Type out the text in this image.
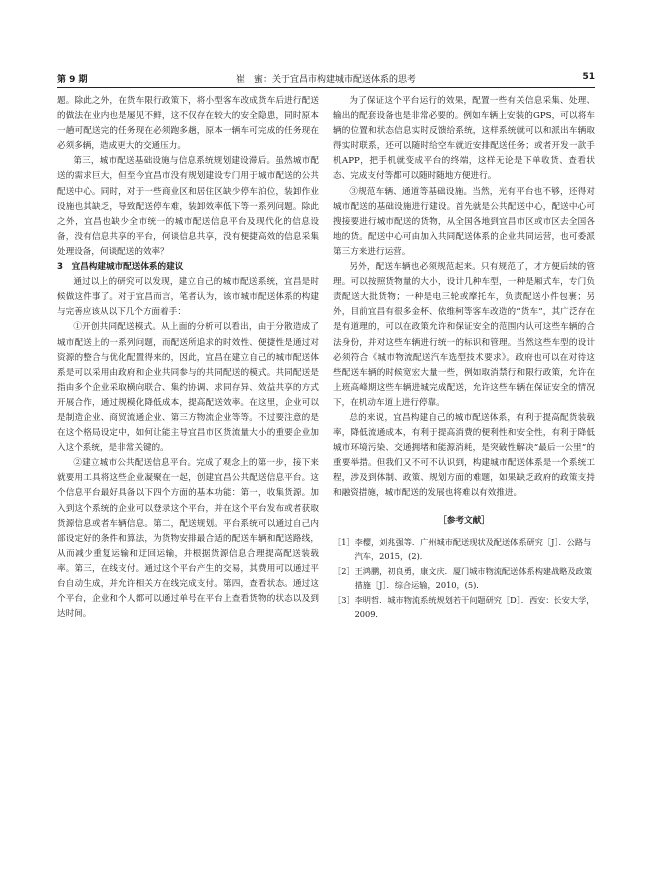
第 9 期	崔　蜜：关于宜昌市构建城市配送体系的思考	51

题。除此之外，在货车限行政策下，将小型客车改成货车后进行配送的做法在业内也是屡见不鲜，这不仅存在较大的安全隐患，同时原本一趟可配送完的任务现在必须跑多趟，原本一辆车可完成的任务现在必须多辆，造成更大的交通压力。

第三，城市配送基础设施与信息系统规划建设滞后。虽然城市配送的需求巨大，但至今宜昌市没有规划建设专门用于城市配送的公共配送中心。同时，对于一些商业区和居住区缺少停车泊位，装卸作业设施也其缺乏，导致配送停车难，装卸效率低下等一系列问题。除此之外，宜昌也缺少全市统一的城市配送信息平台及现代化的信息设备，没有信息共享的平台，何谈信息共享，没有便捷高效的信息采集处理设备，何谈配送的效率？

3　宜昌构建城市配送体系的建议

通过以上的研究可以发现，建立自己的城市配送系统，宜昌是时候做这件事了。对于宜昌而言，笔者认为，该市城市配送体系的构建与完善应该从以下几个方面着手：

①开创共同配送模式。从上面的分析可以看出，由于分散造成了城市配送上的一系列问题，而配送所追求的时效性、便捷性是通过对资源的整合与优化配置得来的，因此，宜昌在建立自己的城市配送体系是可以采用由政府和企业共同参与的共同配送的模式。共同配送是指由多个企业采取横向联合、集约协调、求同存异、效益共享的方式开展合作，通过规模化降低成本，提高配送效率。在这里，企业可以是制造企业、商贸流通企业、第三方物流企业等等。不过要注意的是在这个格局设定中，如何让能主导宜昌市区货流量大小的重要企业加入这个系统，是非常关键的。

②建立城市公共配送信息平台。完成了观念上的第一步，接下来就要用工具将这些企业凝聚在一起，创建宜昌公共配送信息平台。这个信息平台最好具备以下四个方面的基本功能：第一，收集货源。加入到这个系统的企业可以登录这个平台，并在这个平台发布或者获取货源信息或者车辆信息。第二，配送规划。平台系统可以通过自己内部设定好的条件和算法，为货物安排最合适的配送车辆和配送路线，从而减少重复运输和迂回运输，并根据货源信息合理提高配送装载率。第三，在线支付。通过这个平台产生的交易，其费用可以通过平台自动生成，并允许相关方在线完成支付。第四，查看状态。通过这个平台，企业和个人都可以通过单号在平台上查看货物的状态以及到达时间。

为了保证这个平台运行的效果，配置一些有关信息采集、处理、输出的配套设备也是非常必要的。例如车辆上安装的GPS，可以将车辆的位置和状态信息实时反馈给系统，这样系统就可以和派出车辆取得实时联系，还可以随时给空车就近安排配送任务；或者开发一款手机APP，把手机就变成平台的终端，这样无论是下单收货、查看状态、完成支付等都可以随时随地方便进行。

③规范车辆、通道等基础设施。当然，光有平台也不够，还得对城市配送的基础设施进行建设。首先就是公共配送中心，配送中心可搜接要进行城市配送的货物，从全国各地到宜昌市区或市区去全国各地的货。配送中心可由加入共同配送体系的企业共同运营，也可委派第三方来进行运营。

另外，配送车辆也必须规范起来。只有规范了，才方便后续的管理。可以按照货物量的大小，设计几种车型，一种是厢式车，专门负责配送大批货物；一种是电三轮或摩托车，负责配送小件包裹；另外，目前宜昌有很多金杯、依维柯等客车改造的“货车”，其广泛存在是有道理的，可以在政策允许和保证安全的范围内认可这些车辆的合法身份，并对这些车辆进行统一的标识和管理。当然这些车型的设计必须符合《城市物流配送汽车选型技术要求》。政府也可以在对待这些配送车辆的时候宽宏大量一些，例如取消禁行和限行政策，允许在上班高峰期这些车辆进城完成配送，允许这些车辆在保证安全的情况下，在机动车道上进行停靠。

总的来说，宜昌构建自己的城市配送体系，有利于提高配货装载率，降低流通成本，有利于提高消费的便利性和安全性，有利于降低城市环境污染、交通拥堵和能源消耗，是突破性解决“最后一公里”的重要举措。但我们又不可不认识到，构建城市配送体系是一个系统工程，涉及到体制、政策、规划方面的难题，如果缺乏政府的政策支持和融资措施，城市配送的发展也将难以有效推进。

［参考文献］
［1］ 李樱，刘兆强等．广州城市配送现状及配送体系研究［J］．公路与汽车，2015，(2)．
［2］ 王鸿鹏，初良勇，康文庆．厦门城市物流配送体系构建战略及政策措施［J］．综合运输，2010，(5)．
［3］ 李明哲．城市物流系统规划若干问题研究［D］．西安：长安大学，2009．
